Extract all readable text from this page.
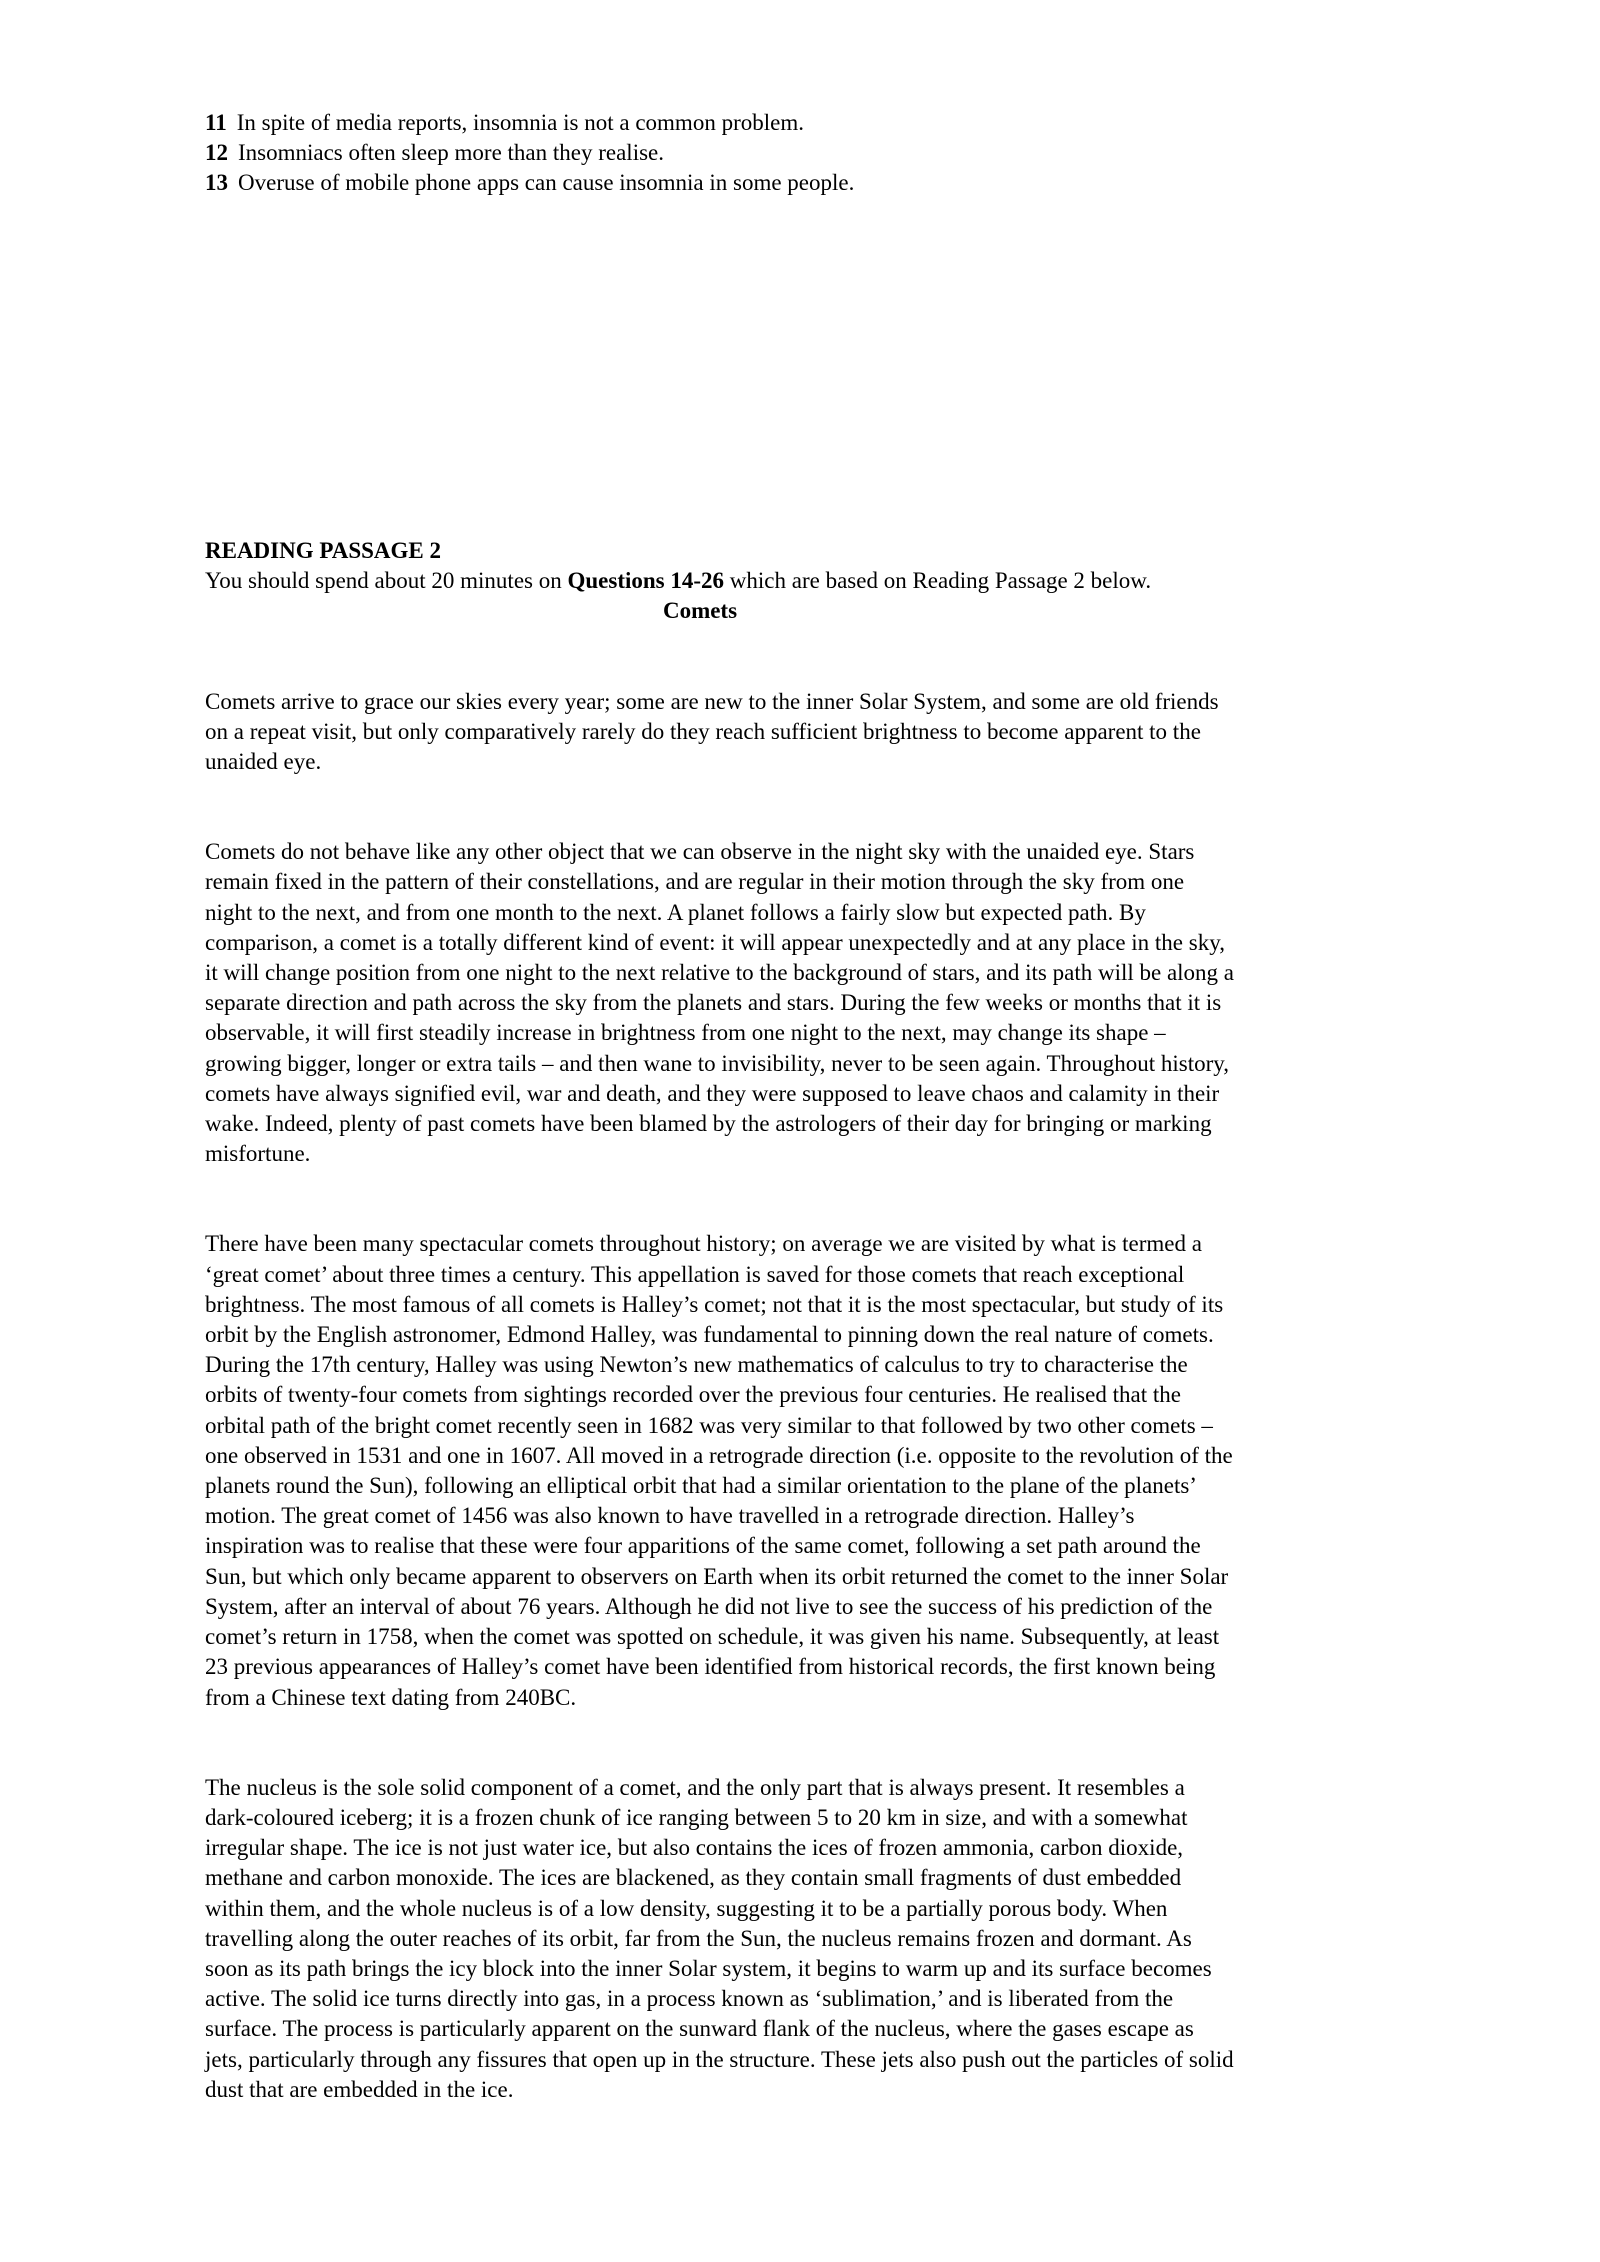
11 In spite of media reports, insomnia is not a common problem.
12 Insomniacs often sleep more than they realise.
13 Overuse of mobile phone apps can cause insomnia in some people.

READING PASSAGE 2

You should spend about 20 minutes on Questions 14-26 which are based on Reading Passage 2 below.

Comets

Comets arrive to grace our skies every year; some are new to the inner Solar System, and some are old friends on a repeat visit, but only comparatively rarely do they reach sufficient brightness to become apparent to the unaided eye.

Comets do not behave like any other object that we can observe in the night sky with the unaided eye. Stars remain fixed in the pattern of their constellations, and are regular in their motion through the sky from one night to the next, and from one month to the next. A planet follows a fairly slow but expected path. By comparison, a comet is a totally different kind of event: it will appear unexpectedly and at any place in the sky, it will change position from one night to the next relative to the background of stars, and its path will be along a separate direction and path across the sky from the planets and stars. During the few weeks or months that it is observable, it will first steadily increase in brightness from one night to the next, may change its shape – growing bigger, longer or extra tails – and then wane to invisibility, never to be seen again. Throughout history, comets have always signified evil, war and death, and they were supposed to leave chaos and calamity in their wake. Indeed, plenty of past comets have been blamed by the astrologers of their day for bringing or marking misfortune.

There have been many spectacular comets throughout history; on average we are visited by what is termed a ‘great comet’ about three times a century. This appellation is saved for those comets that reach exceptional brightness. The most famous of all comets is Halley’s comet; not that it is the most spectacular, but study of its orbit by the English astronomer, Edmond Halley, was fundamental to pinning down the real nature of comets. During the 17th century, Halley was using Newton’s new mathematics of calculus to try to characterise the orbits of twenty-four comets from sightings recorded over the previous four centuries. He realised that the orbital path of the bright comet recently seen in 1682 was very similar to that followed by two other comets – one observed in 1531 and one in 1607. All moved in a retrograde direction (i.e. opposite to the revolution of the planets round the Sun), following an elliptical orbit that had a similar orientation to the plane of the planets’ motion. The great comet of 1456 was also known to have travelled in a retrograde direction. Halley’s inspiration was to realise that these were four apparitions of the same comet, following a set path around the Sun, but which only became apparent to observers on Earth when its orbit returned the comet to the inner Solar System, after an interval of about 76 years. Although he did not live to see the success of his prediction of the comet’s return in 1758, when the comet was spotted on schedule, it was given his name. Subsequently, at least 23 previous appearances of Halley’s comet have been identified from historical records, the first known being from a Chinese text dating from 240BC.

The nucleus is the sole solid component of a comet, and the only part that is always present. It resembles a dark-coloured iceberg; it is a frozen chunk of ice ranging between 5 to 20 km in size, and with a somewhat irregular shape. The ice is not just water ice, but also contains the ices of frozen ammonia, carbon dioxide, methane and carbon monoxide. The ices are blackened, as they contain small fragments of dust embedded within them, and the whole nucleus is of a low density, suggesting it to be a partially porous body. When travelling along the outer reaches of its orbit, far from the Sun, the nucleus remains frozen and dormant. As soon as its path brings the icy block into the inner Solar system, it begins to warm up and its surface becomes active. The solid ice turns directly into gas, in a process known as ‘sublimation,’ and is liberated from the surface. The process is particularly apparent on the sunward flank of the nucleus, where the gases escape as jets, particularly through any fissures that open up in the structure. These jets also push out the particles of solid dust that are embedded in the ice.
